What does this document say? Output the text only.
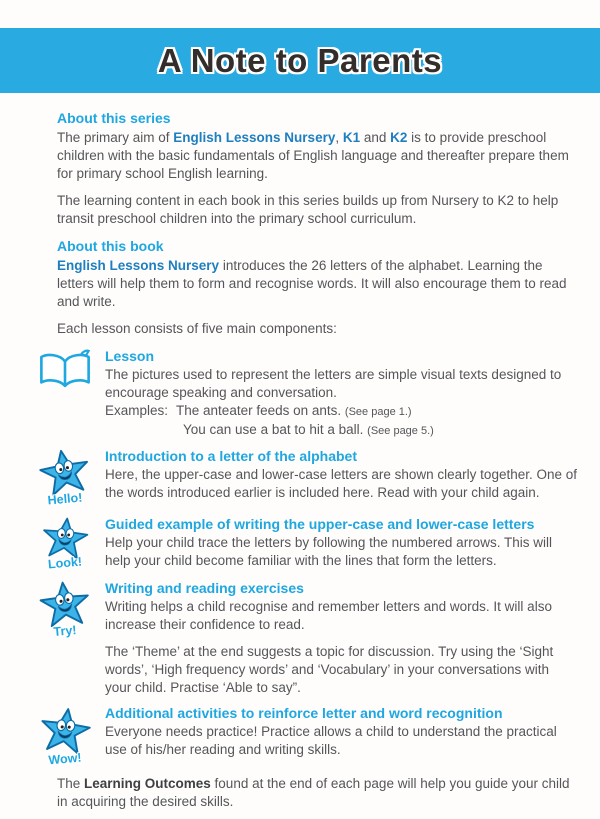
A Note to Parents
About this series

The primary aim of English Lessons Nursery, K1 and K2 is to provide preschool children with the basic fundamentals of English language and thereafter prepare them for primary school English learning.

The learning content in each book in this series builds up from Nursery to K2 to help transit preschool children into the primary school curriculum.

About this book

English Lessons Nursery introduces the 26 letters of the alphabet. Learning the letters will help them to form and recognise words. It will also encourage them to read and write.

Each lesson consists of five main components:

Lesson
The pictures used to represent the letters are simple visual texts designed to encourage speaking and conversation.
Examples: The anteater feeds on ants. (See page 1.)
You can use a bat to hit a ball. (See page 5.)
Hello!
Introduction to a letter of the alphabet
Here, the upper-case and lower-case letters are shown clearly together. One of the words introduced earlier is included here. Read with your child again.
Look!
Guided example of writing the upper-case and lower-case letters
Help your child trace the letters by following the numbered arrows. This will help your child become familiar with the lines that form the letters.
Try!
Writing and reading exercises
Writing helps a child recognise and remember letters and words. It will also increase their confidence to read.
The ‘Theme’ at the end suggests a topic for discussion. Try using the ‘Sight words’, ‘High frequency words’ and ‘Vocabulary’ in your conversations with your child. Practise ‘Able to say”.
Wow!
Additional activities to reinforce letter and word recognition
Everyone needs practice! Practice allows a child to understand the practical use of his/her reading and writing skills.

The Learning Outcomes found at the end of each page will help you guide your child in acquiring the desired skills.
